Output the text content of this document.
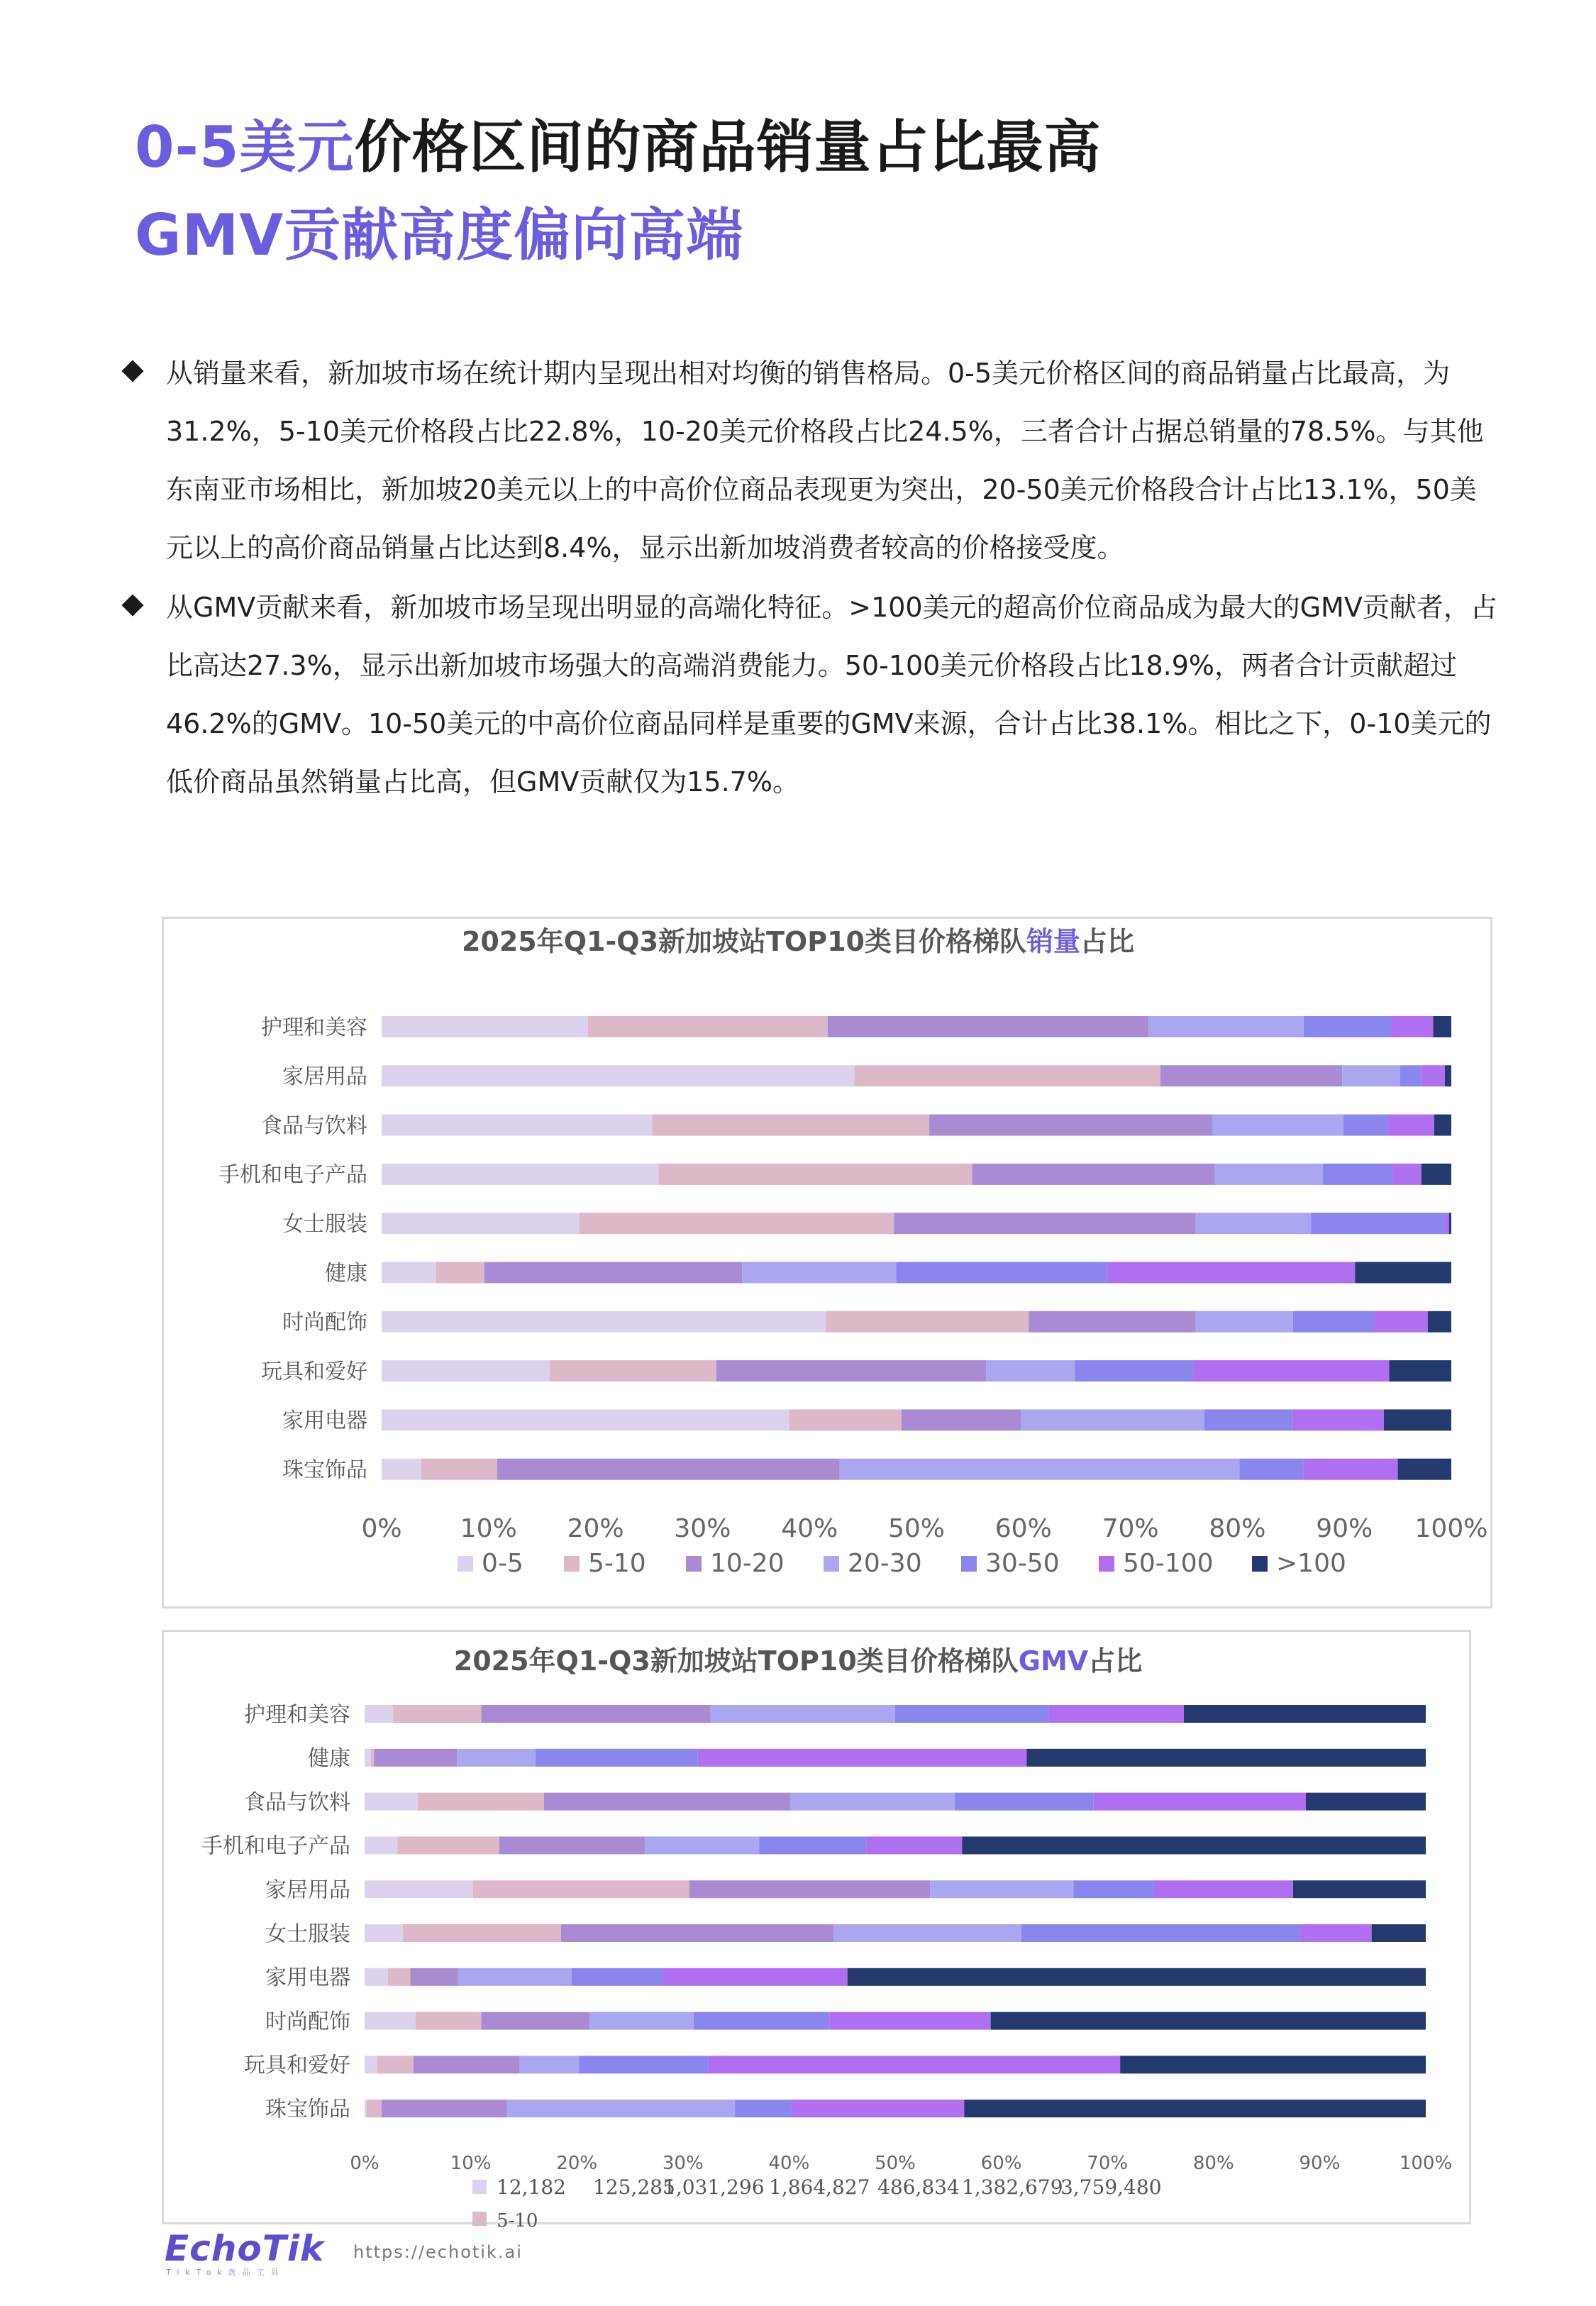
0-5美元价格区间的商品销量占比最高
GMV贡献高度偏向高端
从销量来看，新加坡市场在统计期内呈现出相对均衡的销售格局。0-5美元价格区间的商品销量占比最高，为31.2%，5-10美元价格段占比22.8%，10-20美元价格段占比24.5%，三者合计占据总销量的78.5%。与其他东南亚市场相比，新加坡20美元以上的中高价位商品表现更为突出，20-50美元价格段合计占比13.1%，50美元以上的高价商品销量占比达到8.4%，显示出新加坡消费者较高的价格接受度。
从GMV贡献来看，新加坡市场呈现出明显的高端化特征。>100美元的超高价位商品成为最大的GMV贡献者，占比高达27.3%，显示出新加坡市场强大的高端消费能力。50-100美元价格段占比18.9%，两者合计贡献超过46.2%的GMV。10-50美元的中高价位商品同样是重要的GMV来源，合计占比38.1%。相比之下，0-10美元的低价商品虽然销量占比高，但GMV贡献仅为15.7%。
2025年Q1-Q3新加坡站TOP10类目价格梯队销量占比
2025年Q1-Q3新加坡站TOP10类目价格梯队GMV占比
护理和美容
家居用品
食品与饮料
手机和电子产品
女士服装
健康
时尚配饰
玩具和爱好
家用电器
珠宝饰品
0% 10% 20% 30% 40% 50% 60% 70% 80% 90% 100%
0-5	5-10	10-20 20-30 30-50 50-100 >100
护理和美容
健康
食品与饮料
手机和电子产品
家居用品
女士服装
家用电器
时尚配饰
玩具和爱好
珠宝饰品
0%	10%	20%	30%	40%	50%	60%	70%	80%	90%	100%
12,182 125,285
1,031,296 1,864,827 486,834 1,382,679
3,759,480
5-10
EchoTik
TikTok选品工具
https://echotik.ai
